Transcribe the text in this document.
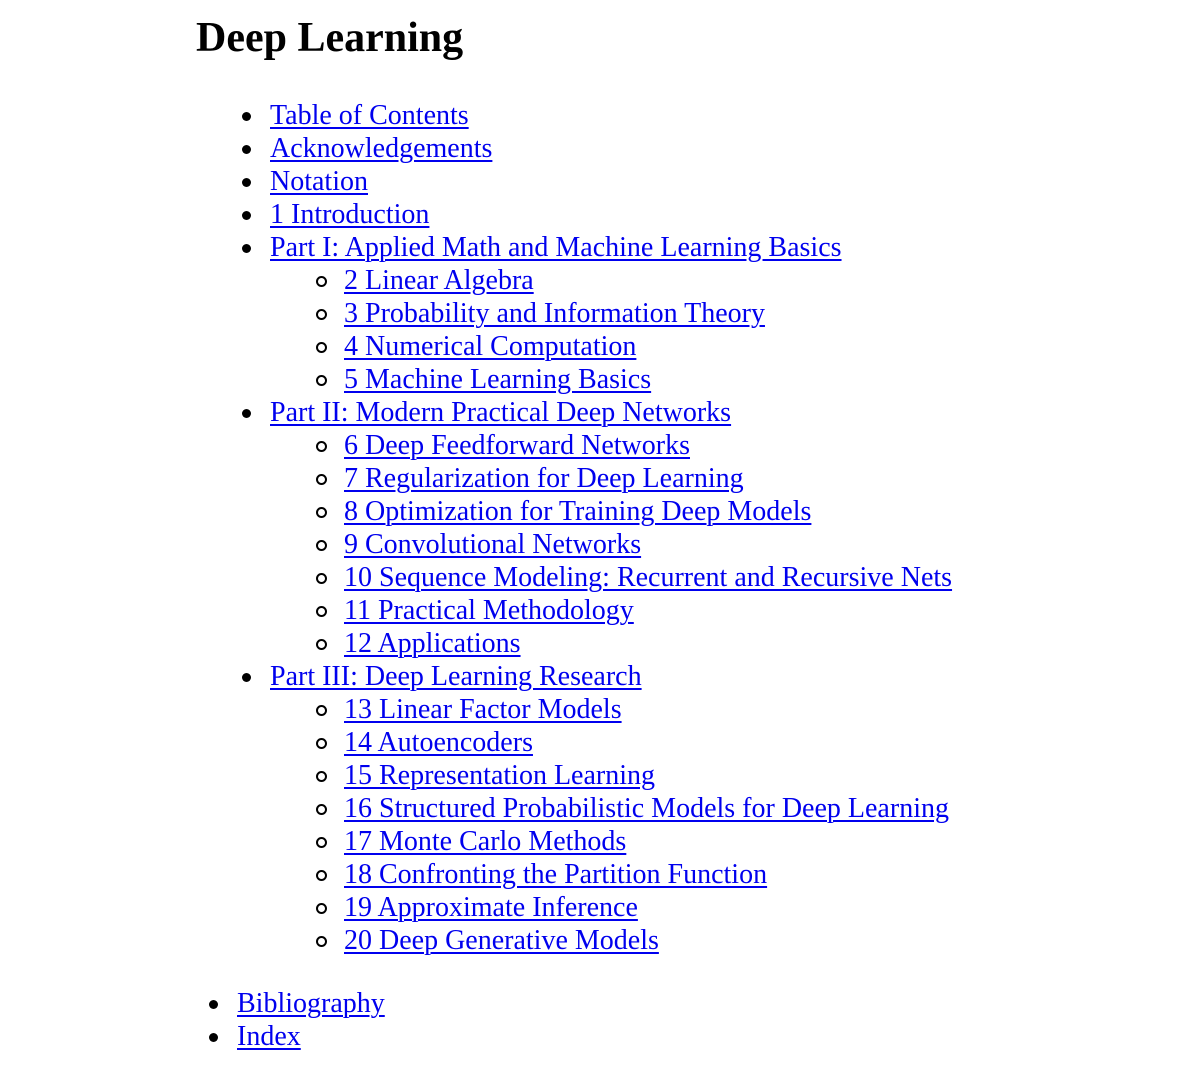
Deep Learning
Table of Contents
Acknowledgements
Notation
1 Introduction
Part I: Applied Math and Machine Learning Basics
2 Linear Algebra
3 Probability and Information Theory
4 Numerical Computation
5 Machine Learning Basics
Part II: Modern Practical Deep Networks
6 Deep Feedforward Networks
7 Regularization for Deep Learning
8 Optimization for Training Deep Models
9 Convolutional Networks
10 Sequence Modeling: Recurrent and Recursive Nets
11 Practical Methodology
12 Applications
Part III: Deep Learning Research
13 Linear Factor Models
14 Autoencoders
15 Representation Learning
16 Structured Probabilistic Models for Deep Learning
17 Monte Carlo Methods
18 Confronting the Partition Function
19 Approximate Inference
20 Deep Generative Models
Bibliography
Index
